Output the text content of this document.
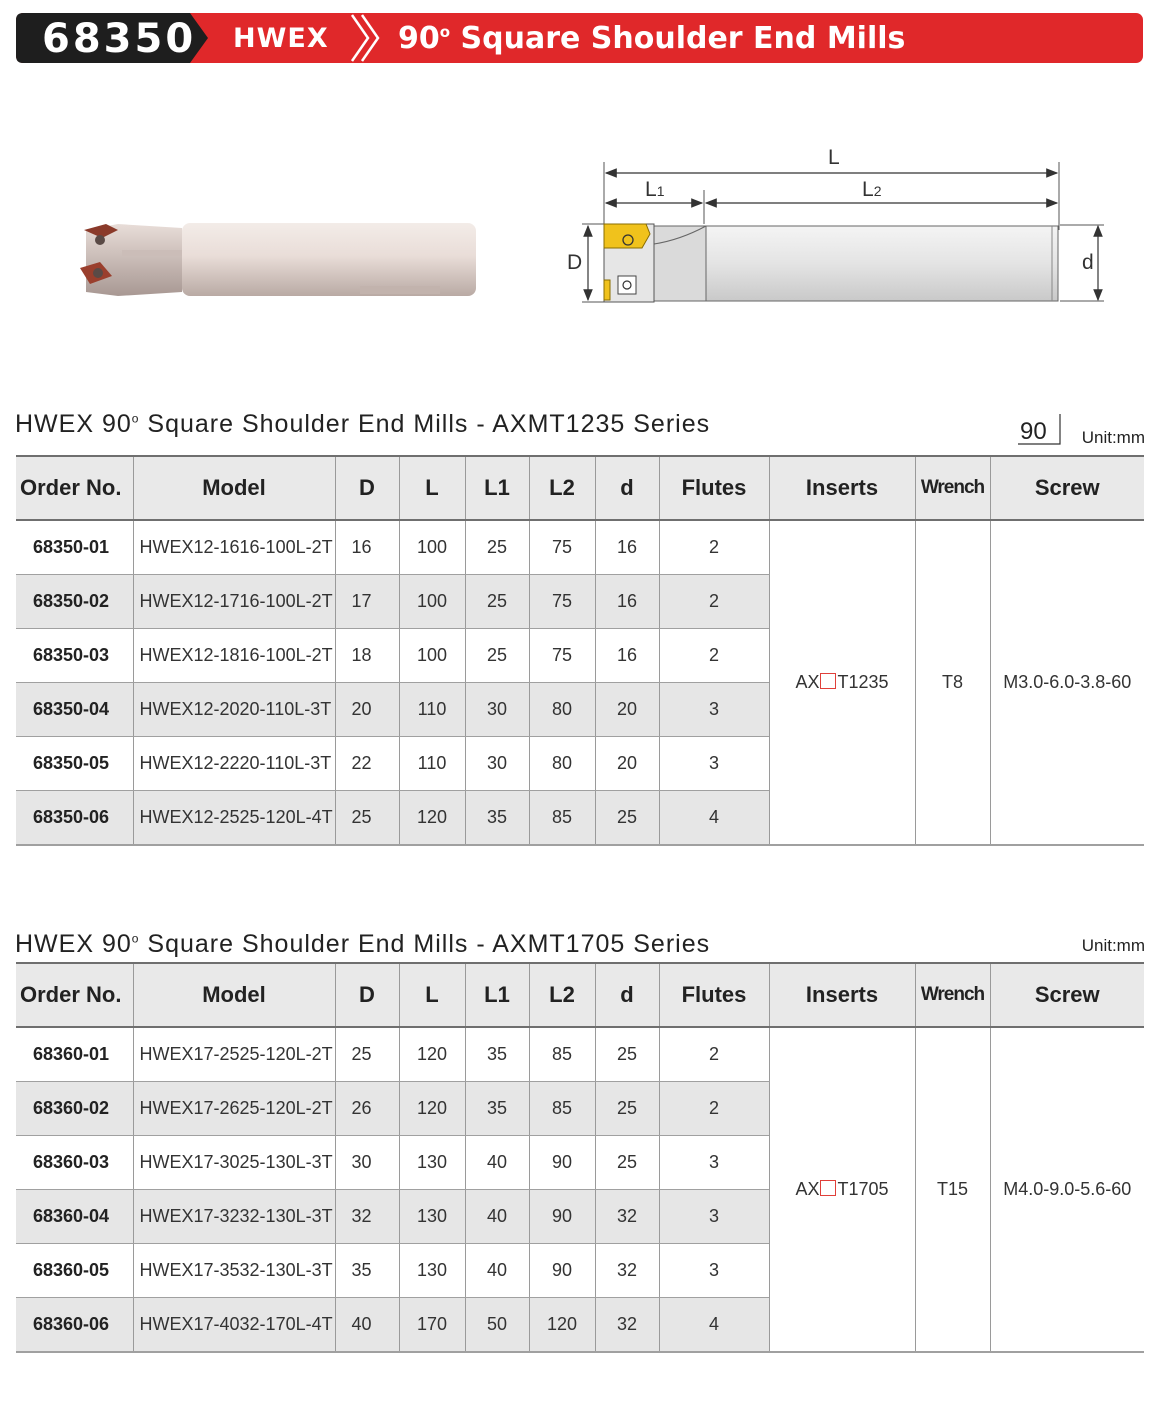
68350 HWEX 90$^o$ Square Shoulder End Mills
L
L1	L2
D	d
HWEX 90$^o$ Square Shoulder End Mills - AXMT1235 Series	90 Unit:mm
Order No.	Model	D	L	L1	L2	d	Flutes	Inserts	Wrench	Screw
68350-01	HWEX12-1616-100L-2T	16	100	25	75	16	2	AX T1235	T8	M3.0-6.0-3.8-60
68350-02	HWEX12-1716-100L-2T	17	100	25	75	16	2			
68350-03	HWEX12-1816-100L-2T	18	100	25	75	16	2			
68350-04	HWEX12-2020-110L-3T	20	110	30	80	20	3			
68350-05	HWEX12-2220-110L-3T	22	110	30	80	20	3			
68350-06	HWEX12-2525-120L-4T	25	120	35	85	25	4			
HWEX 90$^o$ Square Shoulder End Mills - AXMT1705 Series	Unit:mm
Order No.	Model	D	L	L1	L2	d	Flutes	Inserts	Wrench	Screw
68360-01	HWEX17-2525-120L-2T	25	120	35	85	25	2	AX T1705	T15	M4.0-9.0-5.6-60
68360-02	HWEX17-2625-120L-2T	26	120	35	85	25	2			
68360-03	HWEX17-3025-130L-3T	30	130	40	90	25	3			
68360-04	HWEX17-3232-130L-3T	32	130	40	90	32	3			
68360-05	HWEX17-3532-130L-3T	35	130	40	90	32	3			
68360-06	HWEX17-4032-170L-4T	40	170	50	120	32	4			
